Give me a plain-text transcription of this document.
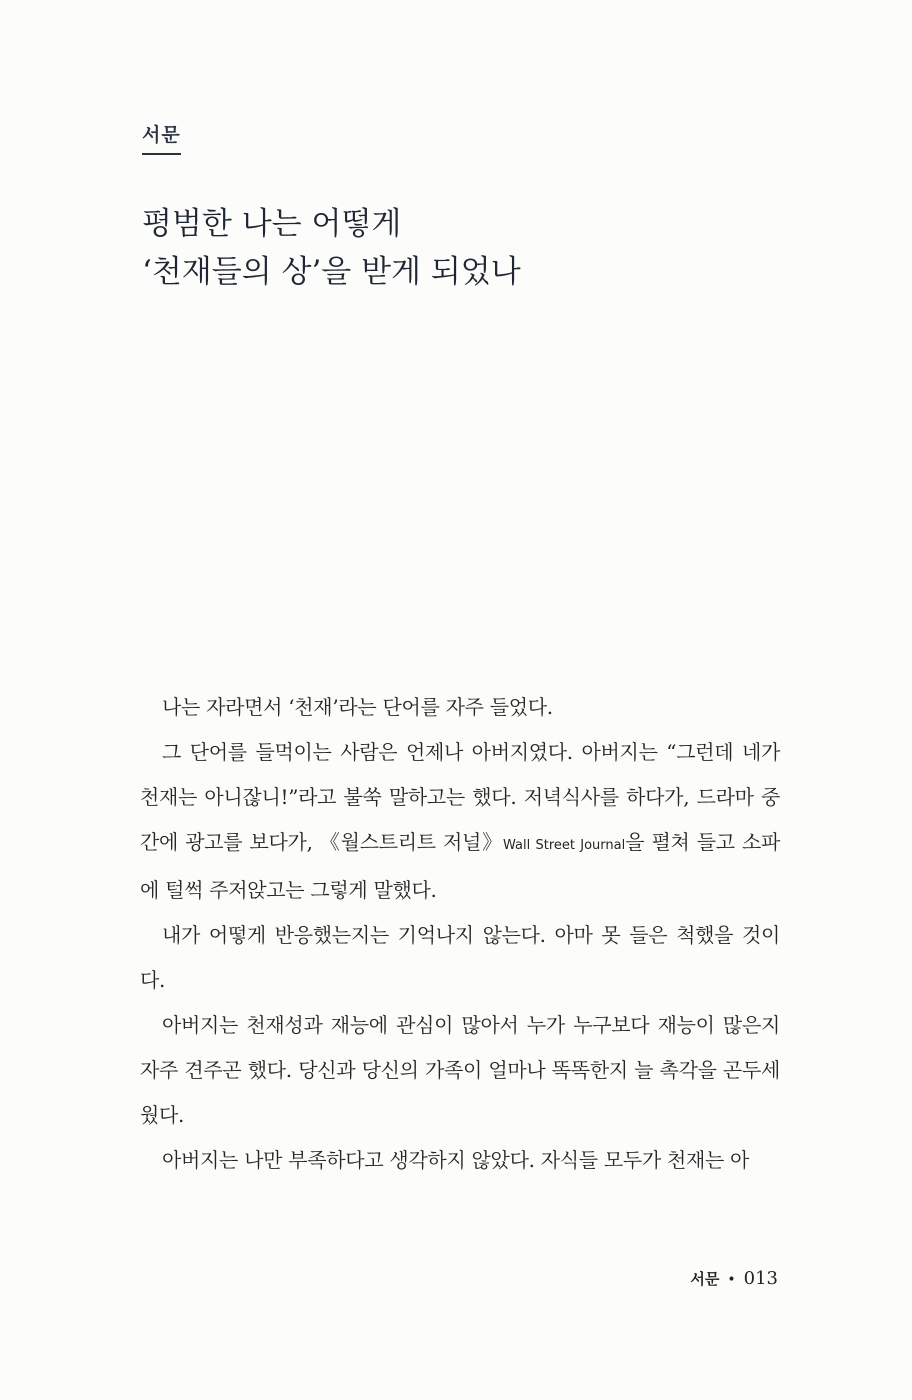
서문
평범한 나는 어떻게
‘천재들의 상’을 받게 되었나

나는 자라면서 ‘천재’라는 단어를 자주 들었다.

그 단어를 들먹이는 사람은 언제나 아버지였다. 아버지는 “그런데 네가 천재는 아니잖니!”라고 불쑥 말하고는 했다. 저녁식사를 하다가, 드라마 중간에 광고를 보다가, 《월스트리트 저널》Wall Street Journal을 펼쳐 들고 소파에 털썩 주저앉고는 그렇게 말했다.

내가 어떻게 반응했는지는 기억나지 않는다. 아마 못 들은 척했을 것이다.

아버지는 천재성과 재능에 관심이 많아서 누가 누구보다 재능이 많은지 자주 견주곤 했다. 당신과 당신의 가족이 얼마나 똑똑한지 늘 촉각을 곤두세웠다.

아버지는 나만 부족하다고 생각하지 않았다. 자식들 모두가 천재는 아

서문 • 013
